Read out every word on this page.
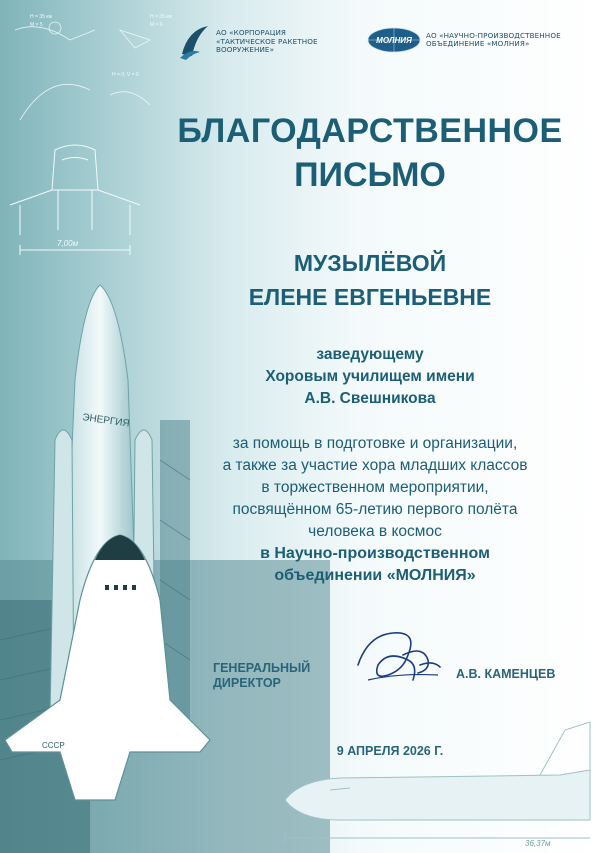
ЭНЕРГИЯ
СССР
H = 35 км
M = 5
H = 35 км
M = 6
H = 0; V = 0
7,00м
36,37м
АО «КОРПОРАЦИЯ
«ТАКТИЧЕСКОЕ РАКЕТНОЕ
ВООРУЖЕНИЕ»
МОЛНИЯ
АО «НАУЧНО-ПРОИЗВОДСТВЕННОЕ
ОБЪЕДИНЕНИЕ «МОЛНИЯ»
БЛАГОДАРСТВЕННОЕ
ПИСЬМО
МУЗЫЛЁВОЙ
ЕЛЕНЕ ЕВГЕНЬЕВНЕ
заведующему
Хоровым училищем имени
А.В. Свешникова
за помощь в подготовке и организации,
а также за участие хора младших классов
в торжественном мероприятии,
посвящённом 65-летию первого полёта
человека в космос
в Научно-производственном
объединении «МОЛНИЯ»
ГЕНЕРАЛЬНЫЙ
ДИРЕКТОР
А.В. КАМЕНЦЕВ
9 АПРЕЛЯ 2026 Г.
